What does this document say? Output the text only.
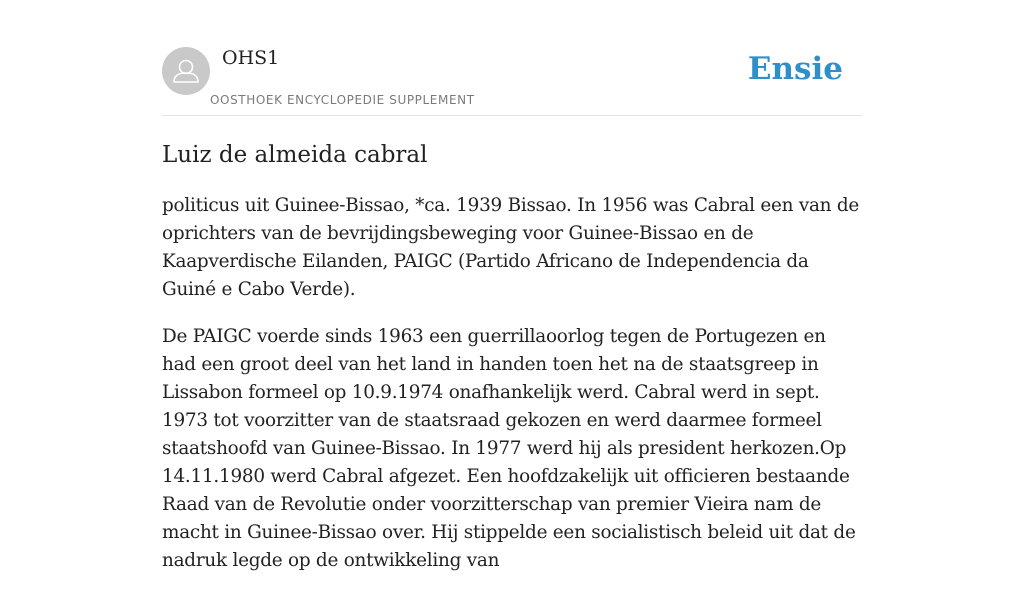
OHS1
OOSTHOEK ENCYCLOPEDIE SUPPLEMENT
Ensie
Luiz de almeida cabral

politicus uit Guinee-Bissao, *ca. 1939 Bissao. In 1956 was Cabral een van de oprichters van de bevrijdingsbeweging voor Guinee-Bissao en de Kaapverdische Eilanden, PAIGC (Partido Africano de Independencia da Guiné e Cabo Verde).

De PAIGC voerde sinds 1963 een guerrillaoorlog tegen de Portugezen en had een groot deel van het land in handen toen het na de staatsgreep in Lissabon formeel op 10.9.1974 onafhankelijk werd. Cabral werd in sept. 1973 tot voorzitter van de staatsraad gekozen en werd daarmee formeel staatshoofd van Guinee-Bissao. In 1977 werd hij als president herkozen.Op 14.11.1980 werd Cabral afgezet. Een hoofdzakelijk uit officieren bestaande Raad van de Revolutie onder voorzitterschap van premier Vieira nam de macht in Guinee-Bissao over. Hij stippelde een socialistisch beleid uit dat de nadruk legde op de ontwikkeling van
